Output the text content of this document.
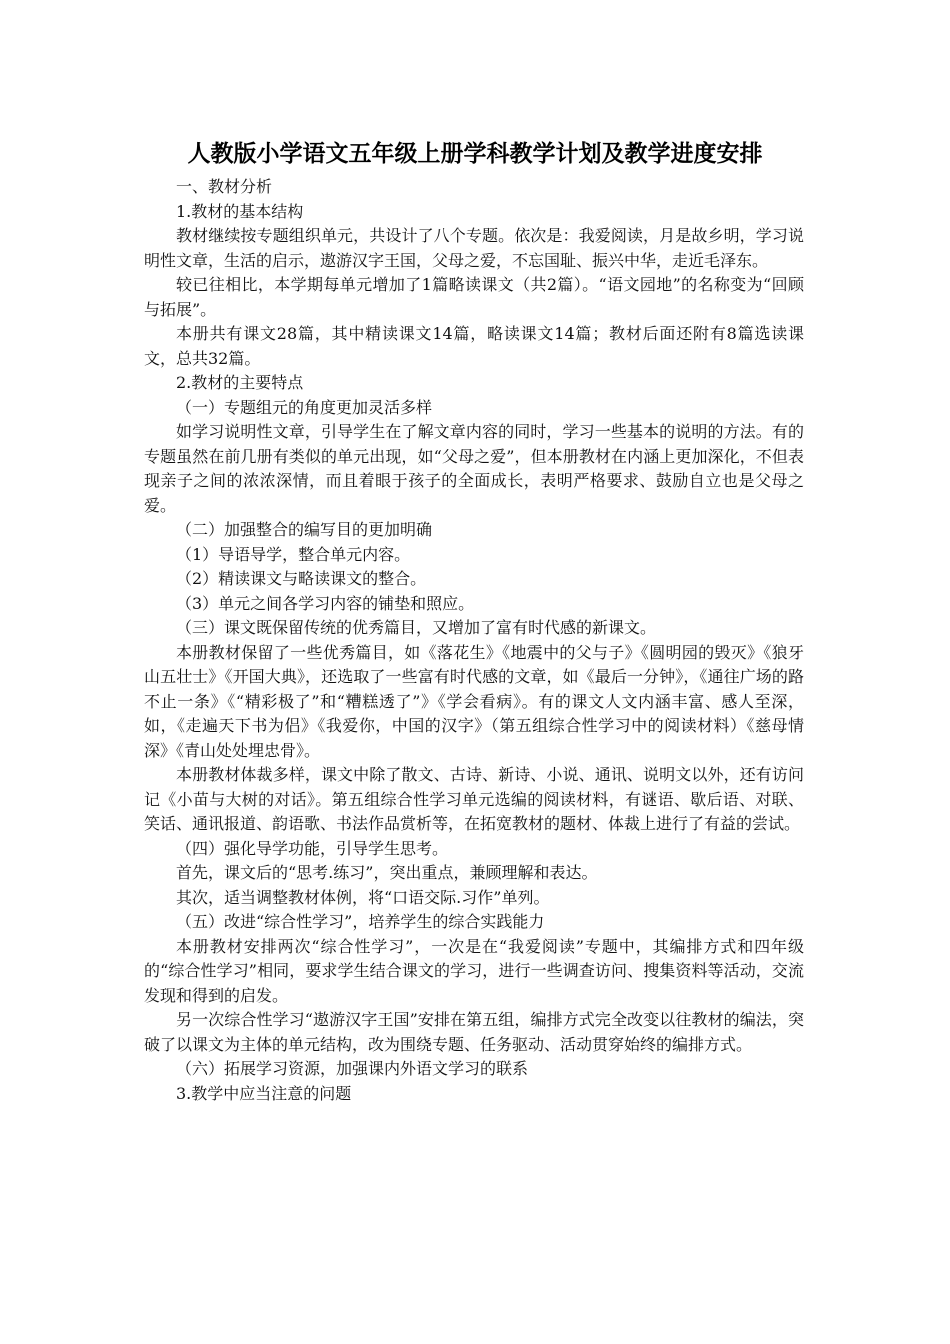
人教版小学语文五年级上册学科教学计划及教学进度安排

一、教材分析

1.教材的基本结构

教材继续按专题组织单元，共设计了八个专题。依次是：我爱阅读，月是故乡明，学习说明性文章，生活的启示，遨游汉字王国，父母之爱，不忘国耻、振兴中华，走近毛泽东。

较已往相比，本学期每单元增加了1篇略读课文（共2篇）。“语文园地”的名称变为“回顾与拓展”。

本册共有课文28篇，其中精读课文14篇，略读课文14篇；教材后面还附有8篇选读课文，总共32篇。

2.教材的主要特点

（一）专题组元的角度更加灵活多样

如学习说明性文章，引导学生在了解文章内容的同时，学习一些基本的说明的方法。有的专题虽然在前几册有类似的单元出现，如“父母之爱”，但本册教材在内涵上更加深化，不但表现亲子之间的浓浓深情，而且着眼于孩子的全面成长，表明严格要求、鼓励自立也是父母之爱。

（二）加强整合的编写目的更加明确

（1）导语导学，整合单元内容。

（2）精读课文与略读课文的整合。

（3）单元之间各学习内容的铺垫和照应。

（三）课文既保留传统的优秀篇目，又增加了富有时代感的新课文。

本册教材保留了一些优秀篇目，如《落花生》《地震中的父与子》《圆明园的毁灭》《狼牙山五壮士》《开国大典》，还选取了一些富有时代感的文章，如《最后一分钟》，《通往广场的路不止一条》《“精彩极了”和“糟糕透了”》《学会看病》。有的课文人文内涵丰富、感人至深，如，《走遍天下书为侣》《我爱你，中国的汉字》（第五组综合性学习中的阅读材料）《慈母情深》《青山处处埋忠骨》。

本册教材体裁多样，课文中除了散文、古诗、新诗、小说、通讯、说明文以外，还有访问记《小苗与大树的对话》。第五组综合性学习单元选编的阅读材料，有谜语、歇后语、对联、笑话、通讯报道、韵语歌、书法作品赏析等，在拓宽教材的题材、体裁上进行了有益的尝试。

（四）强化导学功能，引导学生思考。

首先，课文后的“思考.练习”，突出重点，兼顾理解和表达。

其次，适当调整教材体例，将“口语交际.习作”单列。

（五）改进“综合性学习”，培养学生的综合实践能力

本册教材安排两次“综合性学习”，一次是在“我爱阅读”专题中，其编排方式和四年级的“综合性学习”相同，要求学生结合课文的学习，进行一些调查访问、搜集资料等活动，交流发现和得到的启发。

另一次综合性学习“遨游汉字王国”安排在第五组，编排方式完全改变以往教材的编法，突破了以课文为主体的单元结构，改为围绕专题、任务驱动、活动贯穿始终的编排方式。

（六）拓展学习资源，加强课内外语文学习的联系

3.教学中应当注意的问题
